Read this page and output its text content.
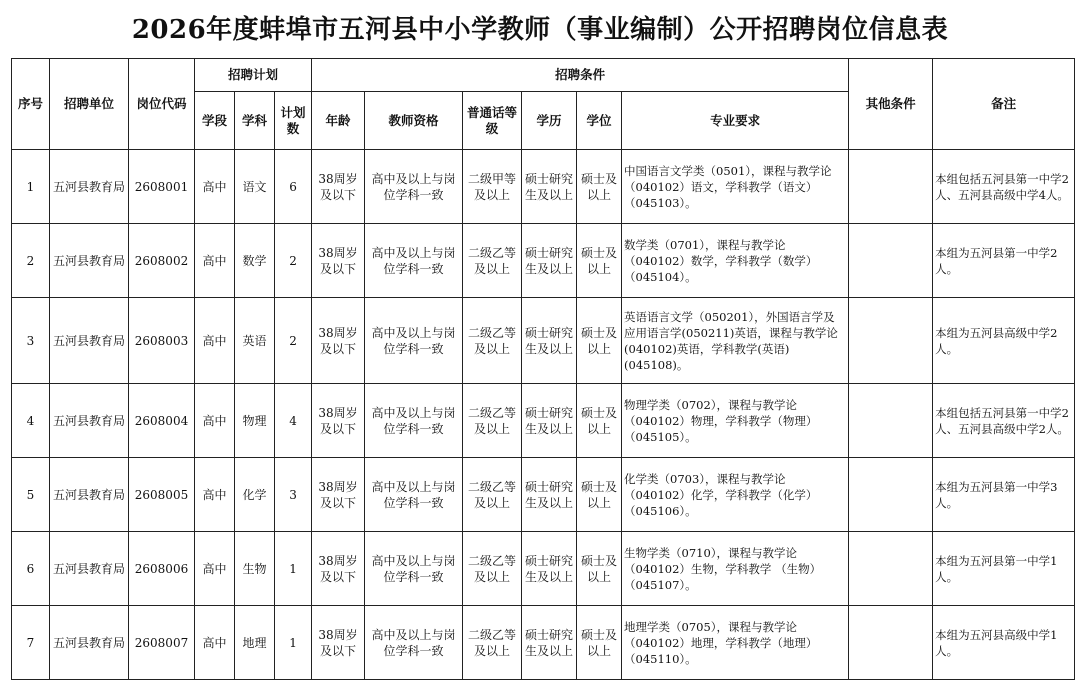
2026年度蚌埠市五河县中小学教师（事业编制）公开招聘岗位信息表
序号	招聘单位	岗位代码	招聘计划			招聘条件						其他条件	备注
			学段	学科	计划数	年龄	教师资格	普通话等级	学历	学位	专业要求		
1	五河县教育局	2608001	高中	语文	6	38周岁及以下	高中及以上与岗位学科一致	二级甲等及以上	硕士研究生及以上	硕士及以上	中国语言文学类（0501），课程与教学论（040102）语文，学科教学（语文）（045103）。		本组包括五河县第一中学2人、五河县高级中学4人。
2	五河县教育局	2608002	高中	数学	2	38周岁及以下	高中及以上与岗位学科一致	二级乙等及以上	硕士研究生及以上	硕士及以上	数学类（0701），课程与教学论（040102）数学，学科教学（数学）（045104）。		本组为五河县第一中学2人。
3	五河县教育局	2608003	高中	英语	2	38周岁及以下	高中及以上与岗位学科一致	二级乙等及以上	硕士研究生及以上	硕士及以上	英语语言文学（050201），外国语言学及应用语言学(050211)英语，课程与教学论(040102)英语，学科教学(英语)(045108)。		本组为五河县高级中学2人。
4	五河县教育局	2608004	高中	物理	4	38周岁及以下	高中及以上与岗位学科一致	二级乙等及以上	硕士研究生及以上	硕士及以上	物理学类（0702），课程与教学论（040102）物理，学科教学（物理）（045105）。		本组包括五河县第一中学2人、五河县高级中学2人。
5	五河县教育局	2608005	高中	化学	3	38周岁及以下	高中及以上与岗位学科一致	二级乙等及以上	硕士研究生及以上	硕士及以上	化学类（0703），课程与教学论（040102）化学，学科教学（化学）（045106）。		本组为五河县第一中学3人。
6	五河县教育局	2608006	高中	生物	1	38周岁及以下	高中及以上与岗位学科一致	二级乙等及以上	硕士研究生及以上	硕士及以上	生物学类（0710），课程与教学论（040102）生物，学科教学 （生物）（045107）。		本组为五河县第一中学1人。
7	五河县教育局	2608007	高中	地理	1	38周岁及以下	高中及以上与岗位学科一致	二级乙等及以上	硕士研究生及以上	硕士及以上	地理学类（0705），课程与教学论（040102）地理，学科教学（地理）（045110）。		本组为五河县高级中学1人。
